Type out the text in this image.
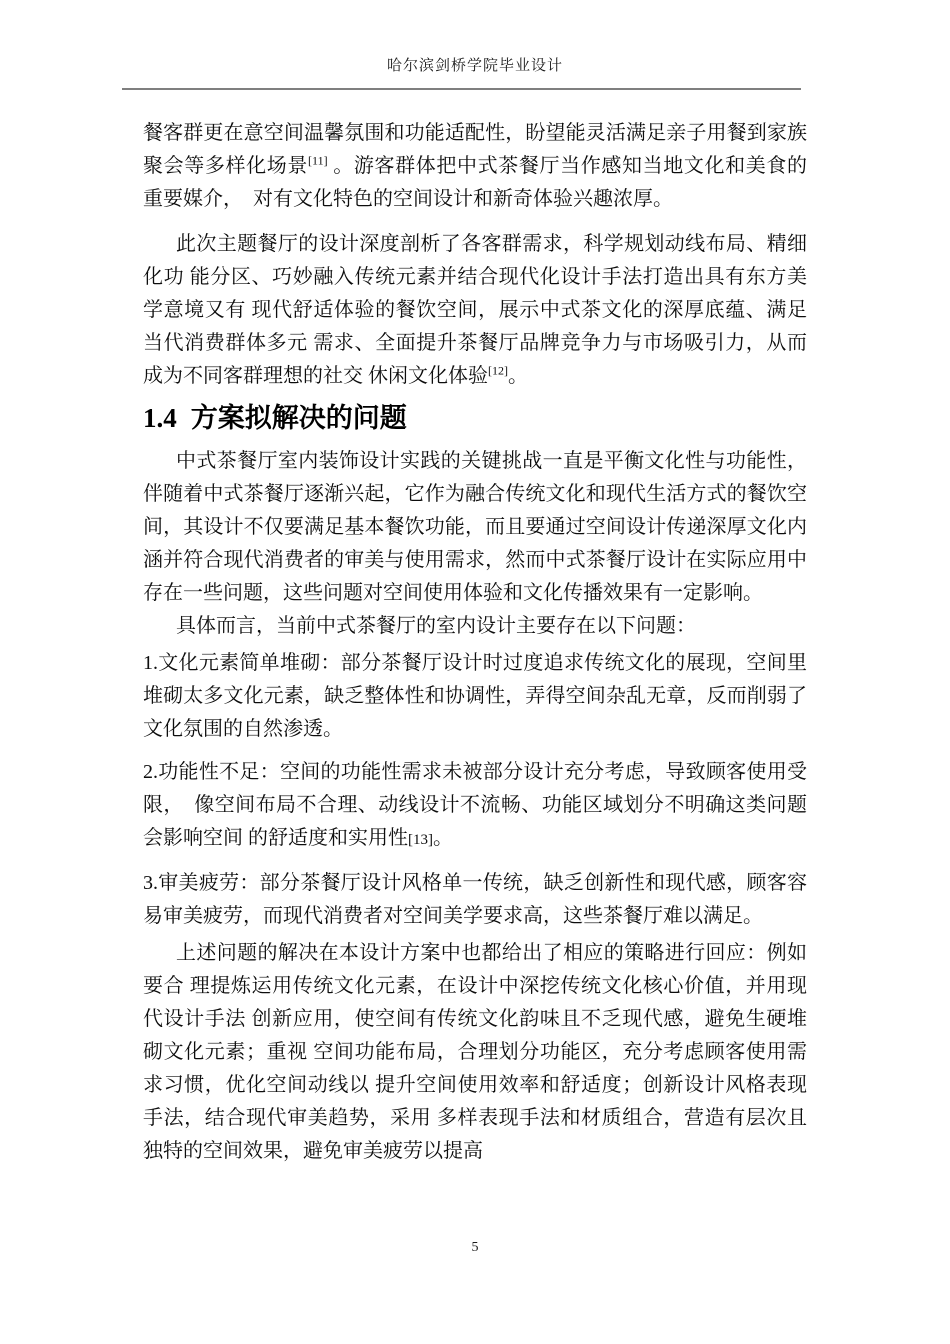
哈尔滨剑桥学院毕业设计

餐客群更在意空间温馨氛围和功能适配性，盼望能灵活满足亲子用餐到家族聚会等多样化场景[11] 。游客群体把中式茶餐厅当作感知当地文化和美食的重要媒介，　对有文化特色的空间设计和新奇体验兴趣浓厚。

此次主题餐厅的设计深度剖析了各客群需求，科学规划动线布局、精细化功 能分区、巧妙融入传统元素并结合现代化设计手法打造出具有东方美学意境又有 现代舒适体验的餐饮空间，展示中式茶文化的深厚底蕴、满足当代消费群体多元 需求、全面提升茶餐厅品牌竞争力与市场吸引力，从而成为不同客群理想的社交 休闲文化体验[12]。

1.4 方案拟解决的问题

中式茶餐厅室内装饰设计实践的关键挑战一直是平衡文化性与功能性，伴随着中式茶餐厅逐渐兴起，它作为融合传统文化和现代生活方式的餐饮空间，其设计不仅要满足基本餐饮功能，而且要通过空间设计传递深厚文化内涵并符合现代消费者的审美与使用需求，然而中式茶餐厅设计在实际应用中存在一些问题，这些问题对空间使用体验和文化传播效果有一定影响。

具体而言，当前中式茶餐厅的室内设计主要存在以下问题：

1.文化元素简单堆砌：部分茶餐厅设计时过度追求传统文化的展现，空间里堆砌太多文化元素，缺乏整体性和协调性，弄得空间杂乱无章，反而削弱了文化氛围的自然渗透。

2.功能性不足：空间的功能性需求未被部分设计充分考虑，导致顾客使用受限，　像空间布局不合理、动线设计不流畅、功能区域划分不明确这类问题会影响空间 的舒适度和实用性[13]。

3.审美疲劳：部分茶餐厅设计风格单一传统，缺乏创新性和现代感，顾客容易审美疲劳，而现代消费者对空间美学要求高，这些茶餐厅难以满足。

上述问题的解决在本设计方案中也都给出了相应的策略进行回应：例如要合 理提炼运用传统文化元素，在设计中深挖传统文化核心价值，并用现代设计手法 创新应用，使空间有传统文化韵味且不乏现代感，避免生硬堆砌文化元素；重视 空间功能布局，合理划分功能区，充分考虑顾客使用需求习惯，优化空间动线以 提升空间使用效率和舒适度；创新设计风格表现手法，结合现代审美趋势，采用 多样表现手法和材质组合，营造有层次且独特的空间效果，避免审美疲劳以提高

5
